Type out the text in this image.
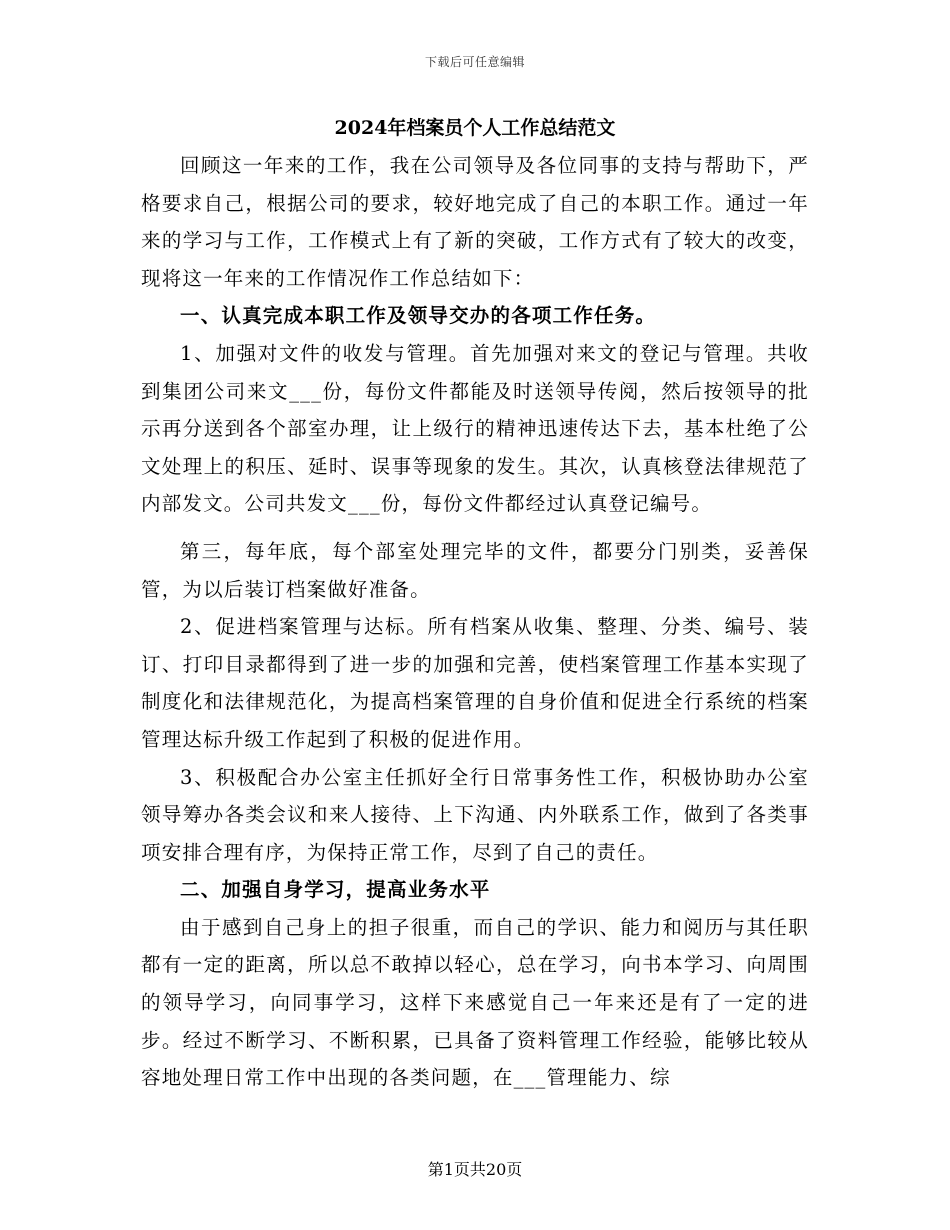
下载后可任意编辑
2024年档案员个人工作总结范文

回顾这一年来的工作，我在公司领导及各位同事的支持与帮助下，严格要求自己，根据公司的要求，较好地完成了自己的本职工作。通过一年来的学习与工作，工作模式上有了新的突破，工作方式有了较大的改变，现将这一年来的工作情况作工作总结如下：

一、认真完成本职工作及领导交办的各项工作任务。

1、加强对文件的收发与管理。首先加强对来文的登记与管理。共收到集团公司来文___份，每份文件都能及时送领导传阅，然后按领导的批示再分送到各个部室办理，让上级行的精神迅速传达下去，基本杜绝了公文处理上的积压、延时、误事等现象的发生。其次，认真核登法律规范了内部发文。公司共发文___份，每份文件都经过认真登记编号。

第三，每年底，每个部室处理完毕的文件，都要分门别类，妥善保管，为以后装订档案做好准备。

2、促进档案管理与达标。所有档案从收集、整理、分类、编号、装订、打印目录都得到了进一步的加强和完善，使档案管理工作基本实现了制度化和法律规范化，为提高档案管理的自身价值和促进全行系统的档案管理达标升级工作起到了积极的促进作用。

3、积极配合办公室主任抓好全行日常事务性工作，积极协助办公室领导筹办各类会议和来人接待、上下沟通、内外联系工作，做到了各类事项安排合理有序，为保持正常工作，尽到了自己的责任。

二、加强自身学习，提高业务水平

由于感到自己身上的担子很重，而自己的学识、能力和阅历与其任职都有一定的距离，所以总不敢掉以轻心，总在学习，向书本学习、向周围的领导学习，向同事学习，这样下来感觉自己一年来还是有了一定的进步。经过不断学习、不断积累，已具备了资料管理工作经验，能够比较从容地处理日常工作中出现的各类问题，在___管理能力、综

第1页共20页
